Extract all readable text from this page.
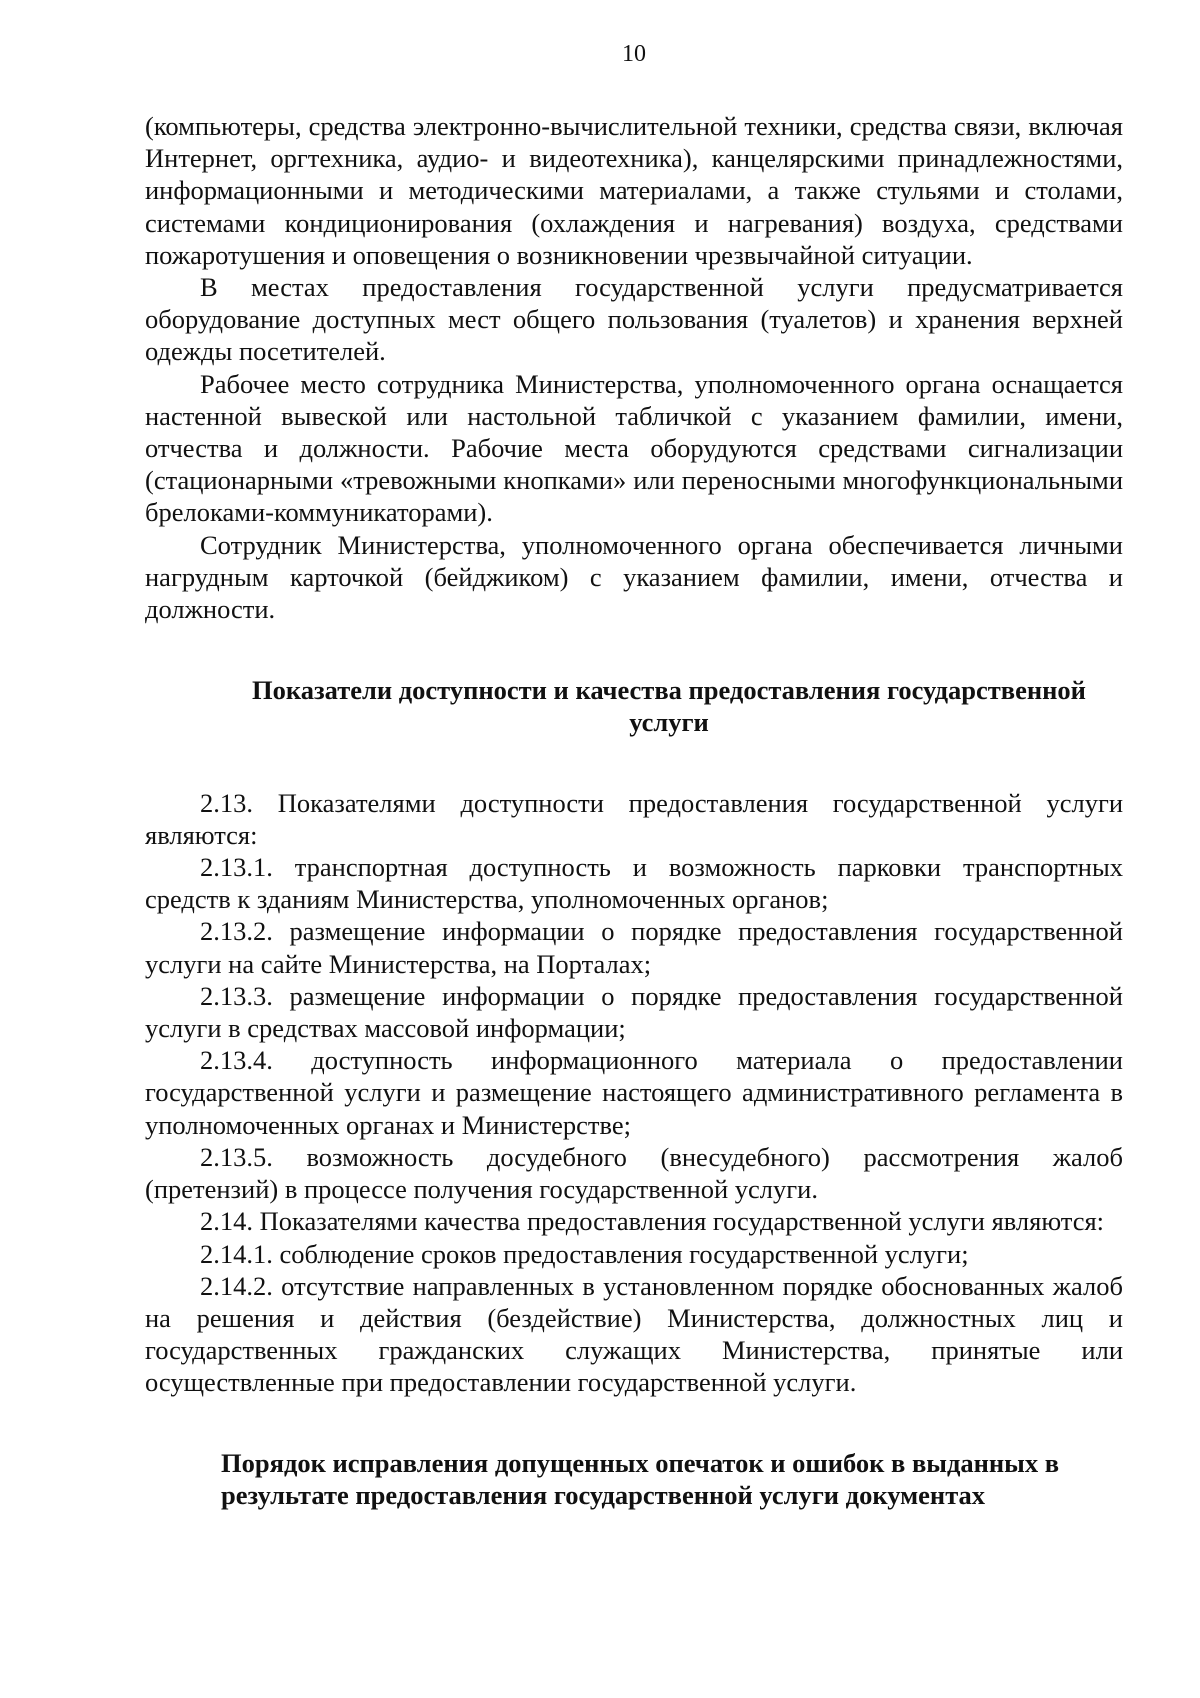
10

(компьютеры, средства электронно-вычислительной техники, средства связи, включая Интернет, оргтехника, аудио- и видеотехника), канцелярскими принадлежностями, информационными и методическими материалами, а также стульями и столами, системами кондиционирования (охлаждения и нагревания) воздуха, средствами пожаротушения и оповещения о возникновении чрезвычайной ситуации.

В местах предоставления государственной услуги предусматривается оборудование доступных мест общего пользования (туалетов) и хранения верхней одежды посетителей.

Рабочее место сотрудника Министерства, уполномоченного органа оснащается настенной вывеской или настольной табличкой с указанием фамилии, имени, отчества и должности. Рабочие места оборудуются средствами сигнализации (стационарными «тревожными кнопками» или переносными многофункциональными брелоками-коммуникаторами).

Сотрудник Министерства, уполномоченного органа обеспечивается личными нагрудным карточкой (бейджиком) с указанием фамилии, имени, отчества и должности.

Показатели доступности и качества предоставления государственной услуги

2.13. Показателями доступности предоставления государственной услуги являются:

2.13.1. транспортная доступность и возможность парковки транспортных средств к зданиям Министерства, уполномоченных органов;

2.13.2. размещение информации о порядке предоставления государственной услуги на сайте Министерства, на Порталах;

2.13.3. размещение информации о порядке предоставления государственной услуги в средствах массовой информации;

2.13.4. доступность информационного материала о предоставлении государственной услуги и размещение настоящего административного регламента в уполномоченных органах и Министерстве;

2.13.5. возможность досудебного (внесудебного) рассмотрения жалоб (претензий) в процессе получения государственной услуги.

2.14. Показателями качества предоставления государственной услуги являются:

2.14.1. соблюдение сроков предоставления государственной услуги;

2.14.2. отсутствие направленных в установленном порядке обоснованных жалоб на решения и действия (бездействие) Министерства, должностных лиц и государственных гражданских служащих Министерства, принятые или осуществленные при предоставлении государственной услуги.

Порядок исправления допущенных опечаток и ошибок в выданных в результате предоставления государственной услуги документах
